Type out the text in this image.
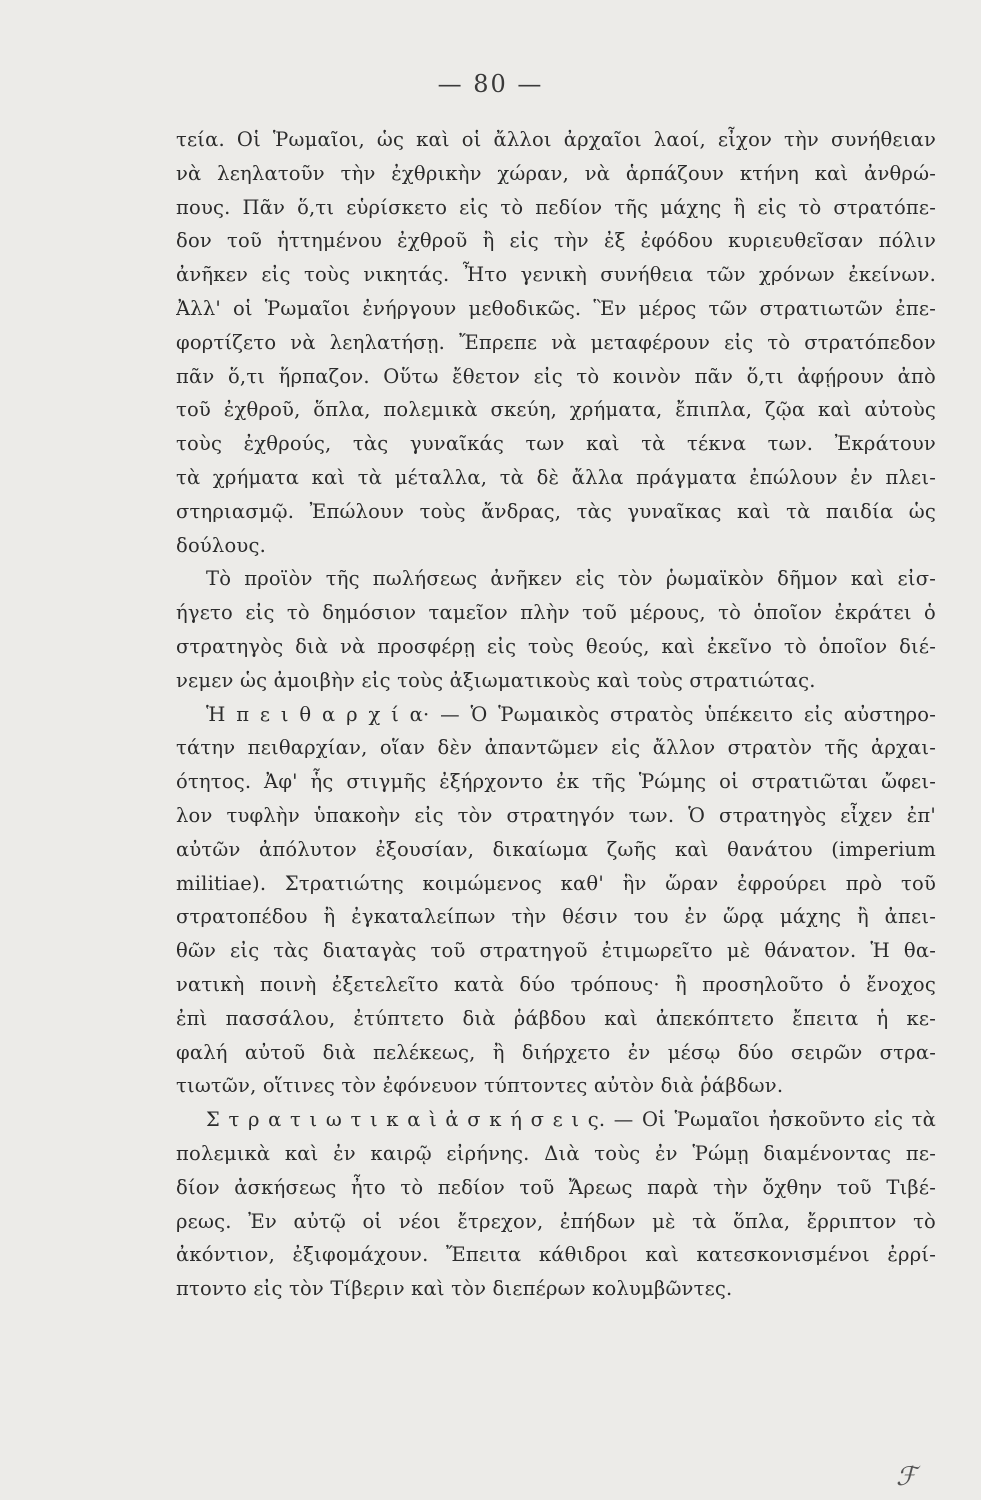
— 80 —
τεία. Οἱ Ῥωμαῖοι, ὡς καὶ οἱ ἄλλοι ἀρχαῖοι λαοί, εἶχον τὴν συνήθειαν
νὰ λεηλατοῦν τὴν ἐχθρικὴν χώραν, νὰ ἁρπάζουν κτήνη καὶ ἀνθρώ-
πους. Πᾶν ὅ,τι εὑρίσκετο εἰς τὸ πεδίον τῆς μάχης ἢ εἰς τὸ στρατόπε-
δον τοῦ ἡττημένου ἐχθροῦ ἢ εἰς τὴν ἐξ ἐφόδου κυριευθεῖσαν πόλιν
ἀνῆκεν εἰς τοὺς νικητάς. Ἦτο γενικὴ συνήθεια τῶν χρόνων ἐκείνων.
Ἀλλ' οἱ Ῥωμαῖοι ἐνήργουν μεθοδικῶς. Ἓν μέρος τῶν στρατιωτῶν ἐπε-
φορτίζετο νὰ λεηλατήσῃ. Ἔπρεπε νὰ μεταφέρουν εἰς τὸ στρατόπεδον
πᾶν ὅ,τι ἥρπαζον. Οὕτω ἔθετον εἰς τὸ κοινὸν πᾶν ὅ,τι ἀφῄρουν ἀπὸ
τοῦ ἐχθροῦ, ὅπλα, πολεμικὰ σκεύη, χρήματα, ἔπιπλα, ζῷα καὶ αὐτοὺς
τοὺς ἐχθρούς, τὰς γυναῖκάς των καὶ τὰ τέκνα των. Ἐκράτουν
τὰ χρήματα καὶ τὰ μέταλλα, τὰ δὲ ἄλλα πράγματα ἐπώλουν ἐν πλει-
στηριασμῷ. Ἐπώλουν τοὺς ἄνδρας, τὰς γυναῖκας καὶ τὰ παιδία ὡς
δούλους.
Τὸ προϊὸν τῆς πωλήσεως ἀνῆκεν εἰς τὸν ῥωμαϊκὸν δῆμον καὶ εἰσ-
ήγετο εἰς τὸ δημόσιον ταμεῖον πλὴν τοῦ μέρους, τὸ ὁποῖον ἐκράτει ὁ
στρατηγὸς διὰ νὰ προσφέρῃ εἰς τοὺς θεούς, καὶ ἐκεῖνο τὸ ὁποῖον διέ-
νεμεν ὡς ἀμοιβὴν εἰς τοὺς ἀξιωματικοὺς καὶ τοὺς στρατιώτας.
Ἡ π ε ι θ α ρ χ ί α· — Ὁ Ῥωμαικὸς στρατὸς ὑπέκειτο εἰς αὐστηρο-
τάτην πειθαρχίαν, οἵαν δὲν ἀπαντῶμεν εἰς ἄλλον στρατὸν τῆς ἀρχαι-
ότητος. Ἀφ' ἧς στιγμῆς ἐξήρχοντο ἐκ τῆς Ῥώμης οἱ στρατιῶται ὤφει-
λον τυφλὴν ὑπακοὴν εἰς τὸν στρατηγόν των. Ὁ στρατηγὸς εἶχεν ἐπ'
αὐτῶν ἀπόλυτον ἐξουσίαν, δικαίωμα ζωῆς καὶ θανάτου (imperium
militiae). Στρατιώτης κοιμώμενος καθ' ἣν ὥραν ἐφρούρει πρὸ τοῦ
στρατοπέδου ἢ ἐγκαταλείπων τὴν θέσιν του ἐν ὥρᾳ μάχης ἢ ἀπει-
θῶν εἰς τὰς διαταγὰς τοῦ στρατηγοῦ ἐτιμωρεῖτο μὲ θάνατον. Ἡ θα-
νατικὴ ποινὴ ἐξετελεῖτο κατὰ δύο τρόπους· ἢ προσηλοῦτο ὁ ἔνοχος
ἐπὶ πασσάλου, ἐτύπτετο διὰ ῥάβδου καὶ ἀπεκόπτετο ἔπειτα ἡ κε-
φαλή αὐτοῦ διὰ πελέκεως, ἢ διήρχετο ἐν μέσῳ δύο σειρῶν στρα-
τιωτῶν, οἵτινες τὸν ἐφόνευον τύπτοντες αὐτὸν διὰ ῥάβδων.
Σ τ ρ α τ ι ω τ ι κ α ὶ ἀ σ κ ή σ ε ι ς. — Οἱ Ῥωμαῖοι ἠσκοῦντο εἰς τὰ
πολεμικὰ καὶ ἐν καιρῷ εἰρήνης. Διὰ τοὺς ἐν Ῥώμῃ διαμένοντας πε-
δίον ἀσκήσεως ἦτο τὸ πεδίον τοῦ Ἄρεως παρὰ τὴν ὄχθην τοῦ Τιβέ-
ρεως. Ἐν αὐτῷ οἱ νέοι ἔτρεχον, ἐπήδων μὲ τὰ ὅπλα, ἔρριπτον τὸ
ἀκόντιον, ἐξιφομάχουν. Ἔπειτα κάθιδροι καὶ κατεσκονισμένοι ἐρρί-
πτοντο εἰς τὸν Τίβεριν καὶ τὸν διεπέρων κολυμβῶντες.
ℱ
